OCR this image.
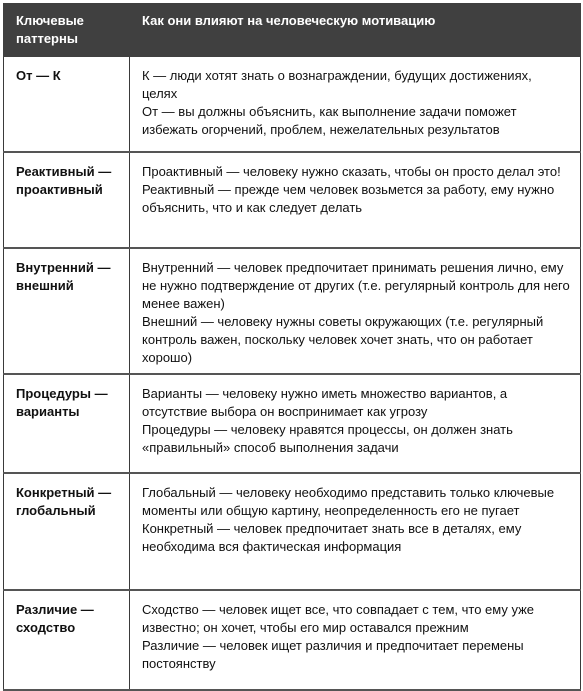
Ключевые паттерны	Как они влияют на человеческую мотивацию
От — К	К — люди хотят знать о вознаграждении, будущих достижениях, целях
От — вы должны объяснить, как выполнение задачи поможет избежать огорчений, проблем, нежелательных результатов

Реактивный — проактивный	Проактивный — человеку нужно сказать, чтобы он просто делал это!
Реактивный — прежде чем человек возьмется за работу, ему нужно объяснить, что и как следует делать

Внутренний — внешний	Внутренний — человек предпочитает принимать решения лично, ему не нужно подтверждение от других (т.е. регулярный контроль для него менее важен)
Внешний — человеку нужны советы окружающих (т.е. регулярный контроль важен, поскольку человек хочет знать, что он работает хорошо)

Процедуры — варианты	Варианты — человеку нужно иметь множество вариантов, а отсутствие выбора он воспринимает как угрозу
Процедуры — человеку нравятся процессы, он должен знать «правильный» способ выполнения задачи

Конкретный — глобальный	Глобальный — человеку необходимо представить только ключевые моменты или общую картину, неопределенность его не пугает
Конкретный — человек предпочитает знать все в деталях, ему необходима вся фактическая информация

Различие — сходство	Сходство — человек ищет все, что совпадает с тем, что ему уже известно; он хочет, чтобы его мир оставался прежним
Различие — человек ищет различия и предпочитает перемены постоянству
